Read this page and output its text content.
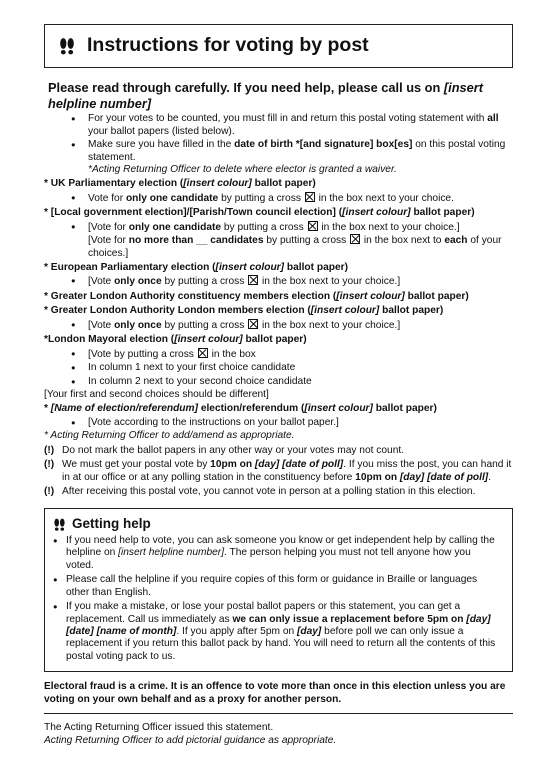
Instructions for voting by post
Please read through carefully. If you need help, please call us on [insert helpline number]
● For your votes to be counted, you must fill in and return this postal voting statement with all your ballot papers (listed below).
● Make sure you have filled in the date of birth *[and signature] box[es] on this postal voting statement.
*Acting Returning Officer to delete where elector is granted a waiver.
* UK Parliamentary election ([insert colour] ballot paper)
● Vote for only one candidate by putting a cross ☒ in the box next to your choice.
* [Local government election]/[Parish/Town council election] ([insert colour] ballot paper)
● [Vote for only one candidate by putting a cross ☒ in the box next to your choice.]
[Vote for no more than __ candidates by putting a cross ☒ in the box next to each of your choices.]
* European Parliamentary election ([insert colour] ballot paper)
● [Vote only once by putting a cross ☒ in the box next to your choice.]
* Greater London Authority constituency members election ([insert colour] ballot paper)
* Greater London Authority London members election ([insert colour] ballot paper)
● [Vote only once by putting a cross ☒ in the box next to your choice.]
*London Mayoral election ([insert colour] ballot paper)
● [Vote by putting a cross ☒ in the box
● In column 1 next to your first choice candidate
● In column 2 next to your second choice candidate
[Your first and second choices should be different]
* [Name of election/referendum] election/referendum ([insert colour] ballot paper)
● [Vote according to the instructions on your ballot paper.]
* Acting Returning Officer to add/amend as appropriate.
(!) Do not mark the ballot papers in any other way or your votes may not count.
(!) We must get your postal vote by 10pm on [day] [date of poll]. If you miss the post, you can hand it in at our office or at any polling station in the constituency before 10pm on [day] [date of poll].
(!) After receiving this postal vote, you cannot vote in person at a polling station in this election.
Getting help
● If you need help to vote, you can ask someone you know or get independent help by calling the helpline on [insert helpline number]. The person helping you must not tell anyone how you voted.
● Please call the helpline if you require copies of this form or guidance in Braille or languages other than English.
● If you make a mistake, or lose your postal ballot papers or this statement, you can get a replacement. Call us immediately as we can only issue a replacement before 5pm on [day] [date] [name of month]. If you apply after 5pm on [day] before poll we can only issue a replacement if you return this ballot pack by hand. You will need to return all the contents of this postal voting pack to us.
Electoral fraud is a crime. It is an offence to vote more than once in this election unless you are voting on your own behalf and as a proxy for another person.
The Acting Returning Officer issued this statement.
Acting Returning Officer to add pictorial guidance as appropriate.
